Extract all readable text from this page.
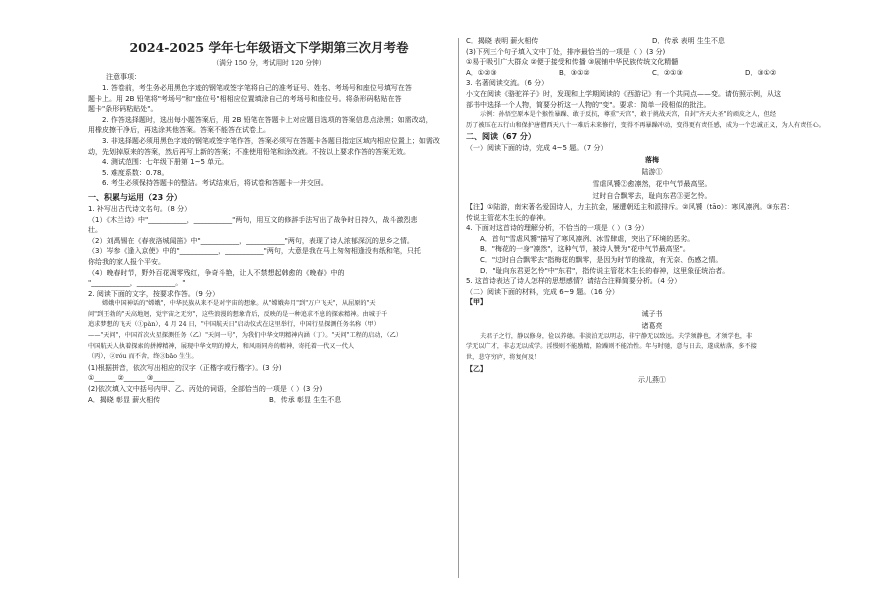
2024-2025 学年七年级语文下学期第三次月考卷
（满分 150 分，考试用时 120 分钟）
注意事项：
1. 答卷前，考生务必用黑色字迹的钢笔或签字笔将自己的准考证号、姓名、考场号和座位号填写在答
题卡上。用 2B 铅笔将"考场号"和"座位号"相相应位置填涂自己的考场号和座位号。将条形码粘贴在答
题卡"条形码粘贴处"。
2. 作答选择题时，选出每小题答案后，用 2B 铅笔在答题卡上对应题目选项的答案信息点涂黑；如需改动，
用橡皮擦干净后，再选涂其他答案。答案不能答在试卷上。
3. 非选择题必须用黑色字迹的钢笔或签字笔作答，答案必须写在答题卡各题目指定区域内相应位置上；如需改
动，先划掉原来的答案，然后再写上新的答案；不准使用铅笔和涂改液。不按以上要求作答的答案无效。
4. 测试范围：七年级下册第 1~5 单元。
5. 难度系数：0.78。
6. 考生必须保持答题卡的整洁。考试结束后，将试卷和答题卡一并交回。
一、积累与运用（23 分）
1. 补写出古代诗文名句。（8 分）
（1）《木兰诗》中"___________，___________"两句，用互文的修辞手法写出了战争时日持久，战斗激烈悲
壮。
（2）刘禹锡在《春夜洛城闻笛》中"___________，___________"两句，表现了诗人浓郁深沉的思乡之情。
（3）岑参《逢入京使》中的"___________，___________"两句，大意是我在马上匆匆相逢没有纸和笔，只托
你给我的家人报个平安。
（4）晚春时节，野外百花凋零残红，争奇斗艳，让人不禁想起韩愈的《晚春》中的
"___________，___________。"
2. 阅读下面的文字，按要求作答。（9 分）
嫦娥中国神话的"嫦娥"，中华民族从来不是对宇宙的想象。从"嫦娥奔月"到"万户飞天"，从屈原的"天
问"到王勃的"天高地迥，觉宇宙之无穷"，这些浪漫的想象背后，反映的是一种追求不息的探索精神。由城于千
追求梦想的飞天（①pàn），4 月 24 日，"中国航天日"启动仪式在这里举行，中国行星探测任务名称（甲）
——"天问"，中国首次火星探测任务（乙）"天问一号"，为我们中华文明精神内涵（丁）。"天问"工程的启动，（乙）
中国航天人执着探索的拼搏精神，展现中华文明的博大，和风雨同舟的精神，寄托着一代又一代人
（丙），②róu 而不舍，终③bāo 生生。
(1)根据拼音，依次写出相应的汉字（正楷字或行楷字）。(3 分)
①______ ②______ ③______
(2)依次填入文中括号内甲、乙、丙处的词语，全部恰当的一项是（ ）(3 分)
A．揭晓 彰显 薪火相传	B．传承 彰显 生生不息
C．揭晓 表明 薪火相传	D．传承 表明 生生不息
(3)下列三个句子填入文中丁处，排序最恰当的一项是（ ）(3 分)
①易于吸引广大群众 ②便于接受和传播 ③展铺中华民族传统文化精髓
A．①②③	B．③①②	C．②①③	D．③①②
3. 名著阅读交流。（6 分）
小文在阅读《骆驼祥子》时，发现和上学期阅读的《西游记》有一个共同点——变。请仿照示例，从这
部书中选择一个人物，简要分析这一人物的"变"。要求：简单一段相似的批注。
示例：孙悟空原本是个猴性暴躁、敢于反抗，尊重"天宫"，敢于挑战天宫，自封"齐天大圣"的顽皮之人，但经
历了被压在五行山和保护唐僧西天八十一难后未来修行，变得不再暴躁冲动，变得更有责任感，成为一个忠诚正义，为人有责任心。
二、阅读（67 分）
（一）阅读下面的诗，完成 4~5 题。（7 分）
落梅
陆游①
雪虐风饕②愈凛然，花中气节最高坚。
过时自合飘零去，耻向东君③更乞怜。
【注】①陆游，南宋著名爱国诗人，力主抗金，屡遭朝廷主和派排斥。②风饕（tāo）：寒风凛冽。③东君：
传说主管花木生长的春神。
4. 下面对这首诗的理解分析，不恰当的一项是（ ）（3 分）
A．首句"雪虐风饕"描写了寒风凛冽、冰雪肆虐，突出了环境的恶劣。
B．"梅花的一身"凛然"，这种气节，被诗人赞为"花中气节最高坚"。
C．"过时自合飘零去"指梅花的飘零，是因为时节的缘故，有无奈、伤感之情。
D．"耻向东君更乞怜"中"东君"，指传说主管花木生长的春神，这里象征统治者。
5. 这首诗表达了诗人怎样的思想感情？请结合注释简要分析。（4 分）
（二）阅读下面的材料，完成 6~9 题。（16 分）
【甲】
诫子书
诸葛亮
夫君子之行，静以修身，俭以养德。非淡泊无以明志，非宁静无以致远。夫学须静也，才须学也，非
学无以广才，非志无以成学。淫慢则不能励精，险躁则不能冶性。年与时驰，意与日去，遂成枯落，多不接
世，悲守穷庐，将复何及！
【乙】
示儿燕①
